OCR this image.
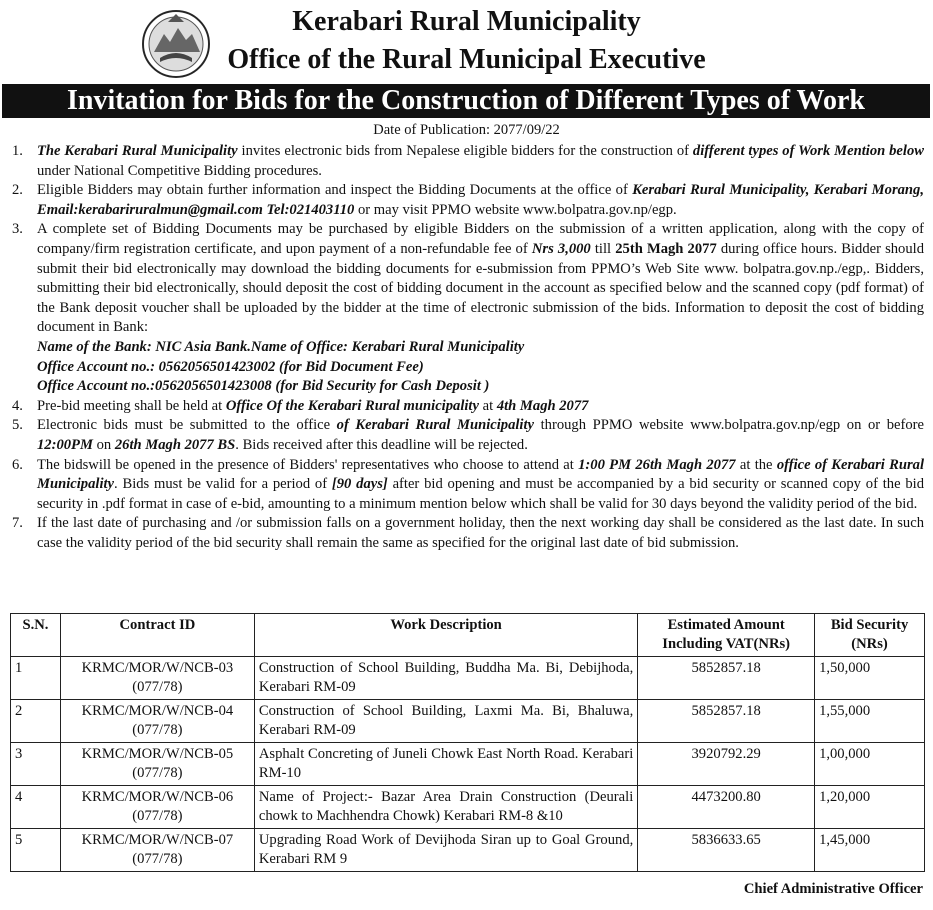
Kerabari Rural Municipality
Office of the Rural Municipal Executive
Invitation for Bids for the Construction of Different Types of Work
Date of Publication: 2077/09/22
1. The Kerabari Rural Municipality invites electronic bids from Nepalese eligible bidders for the construction of different types of Work Mention below under National Competitive Bidding procedures.
2. Eligible Bidders may obtain further information and inspect the Bidding Documents at the office of Kerabari Rural Municipality, Kerabari Morang, Email:kerabariruralmun@gmail.com Tel:021403110 or may visit PPMO website www.bolpatra.gov.np/egp.
3. A complete set of Bidding Documents may be purchased by eligible Bidders on the submission of a written application, along with the copy of company/firm registration certificate, and upon payment of a non-refundable fee of Nrs 3,000 till 25th Magh 2077 during office hours. Bidder should submit their bid electronically may download the bidding documents for e-submission from PPMO’s Web Site www. bolpatra.gov.np./egp,. Bidders, submitting their bid electronically, should deposit the cost of bidding document in the account as specified below and the scanned copy (pdf format) of the Bank deposit voucher shall be uploaded by the bidder at the time of electronic submission of the bids. Information to deposit the cost of bidding document in Bank:
Name of the Bank: NIC Asia Bank.Name of Office: Kerabari Rural Municipality
Office Account no.: 0562056501423002 (for Bid Document Fee)
Office Account no.:0562056501423008 (for Bid Security for Cash Deposit )
4. Pre-bid meeting shall be held at Office Of the Kerabari Rural municipality at 4th Magh 2077
5. Electronic bids must be submitted to the office of Kerabari Rural Municipality through PPMO website www.bolpatra.gov.np/egp on or before 12:00PM on 26th Magh 2077 BS. Bids received after this deadline will be rejected.
6. The bidswill be opened in the presence of Bidders' representatives who choose to attend at 1:00 PM 26th Magh 2077 at the office of Kerabari Rural Municipality. Bids must be valid for a period of [90 days] after bid opening and must be accompanied by a bid security or scanned copy of the bid security in .pdf format in case of e-bid, amounting to a minimum mention below which shall be valid for 30 days beyond the validity period of the bid.
7. If the last date of purchasing and /or submission falls on a government holiday, then the next working day shall be considered as the last date. In such case the validity period of the bid security shall remain the same as specified for the original last date of bid submission.
S.N.	Contract ID	Work Description	Estimated Amount Including VAT(NRs)	Bid Security (NRs)
1	KRMC/MOR/W/NCB-03 (077/78)	Construction of School Building, Buddha Ma. Bi, Debijhoda, Kerabari RM-09	5852857.18	1,50,000
2	KRMC/MOR/W/NCB-04 (077/78)	Construction of School Building, Laxmi Ma. Bi, Bhaluwa, Kerabari RM-09	5852857.18	1,55,000
3	KRMC/MOR/W/NCB-05 (077/78)	Asphalt Concreting of Juneli Chowk East North Road. Kerabari RM-10	3920792.29	1,00,000
4	KRMC/MOR/W/NCB-06 (077/78)	Name of Project:- Bazar Area Drain Construction (Deurali chowk to Machhendra Chowk) Kerabari RM-8 &10	4473200.80	1,20,000
5	KRMC/MOR/W/NCB-07 (077/78)	Upgrading Road Work of Devijhoda Siran up to Goal Ground, Kerabari RM 9	5836633.65	1,45,000
Chief Administrative Officer
